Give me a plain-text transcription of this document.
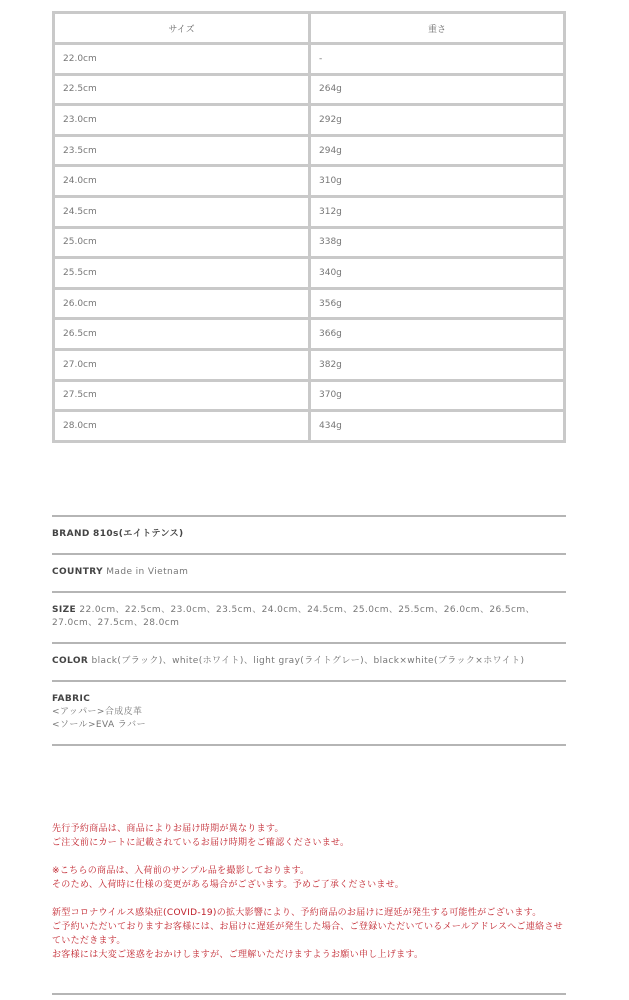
サイズ	重さ
22.0cm	-
22.5cm	264g
23.0cm	292g
23.5cm	294g
24.0cm	310g
24.5cm	312g
25.0cm	338g
25.5cm	340g
26.0cm	356g
26.5cm	366g
27.0cm	382g
27.5cm	370g
28.0cm	434g
BRAND 810s(エイトテンス)
COUNTRY Made in Vietnam
SIZE 22.0cm、22.5cm、23.0cm、23.5cm、24.0cm、24.5cm、25.0cm、25.5cm、26.0cm、26.5cm、27.0cm、27.5cm、28.0cm
COLOR black(ブラック)、white(ホワイト)、light gray(ライトグレー)、black×white(ブラック×ホワイト)
FABRIC
<アッパー>合成皮革
<ソール>EVA ラバー

先行予約商品は、商品によりお届け時期が異なります。
ご注文前にカートに記載されているお届け時期をご確認くださいませ。

※こちらの商品は、入荷前のサンプル品を撮影しております。
そのため、入荷時に仕様の変更がある場合がございます。予めご了承くださいませ。

新型コロナウイルス感染症(COVID-19)の拡大影響により、予約商品のお届けに遅延が発生する可能性がございます。
ご予約いただいておりますお客様には、お届けに遅延が発生した場合、ご登録いただいているメールアドレスへご連絡させていただきます。
お客様には大変ご迷惑をおかけしますが、ご理解いただけますようお願い申し上げます。
